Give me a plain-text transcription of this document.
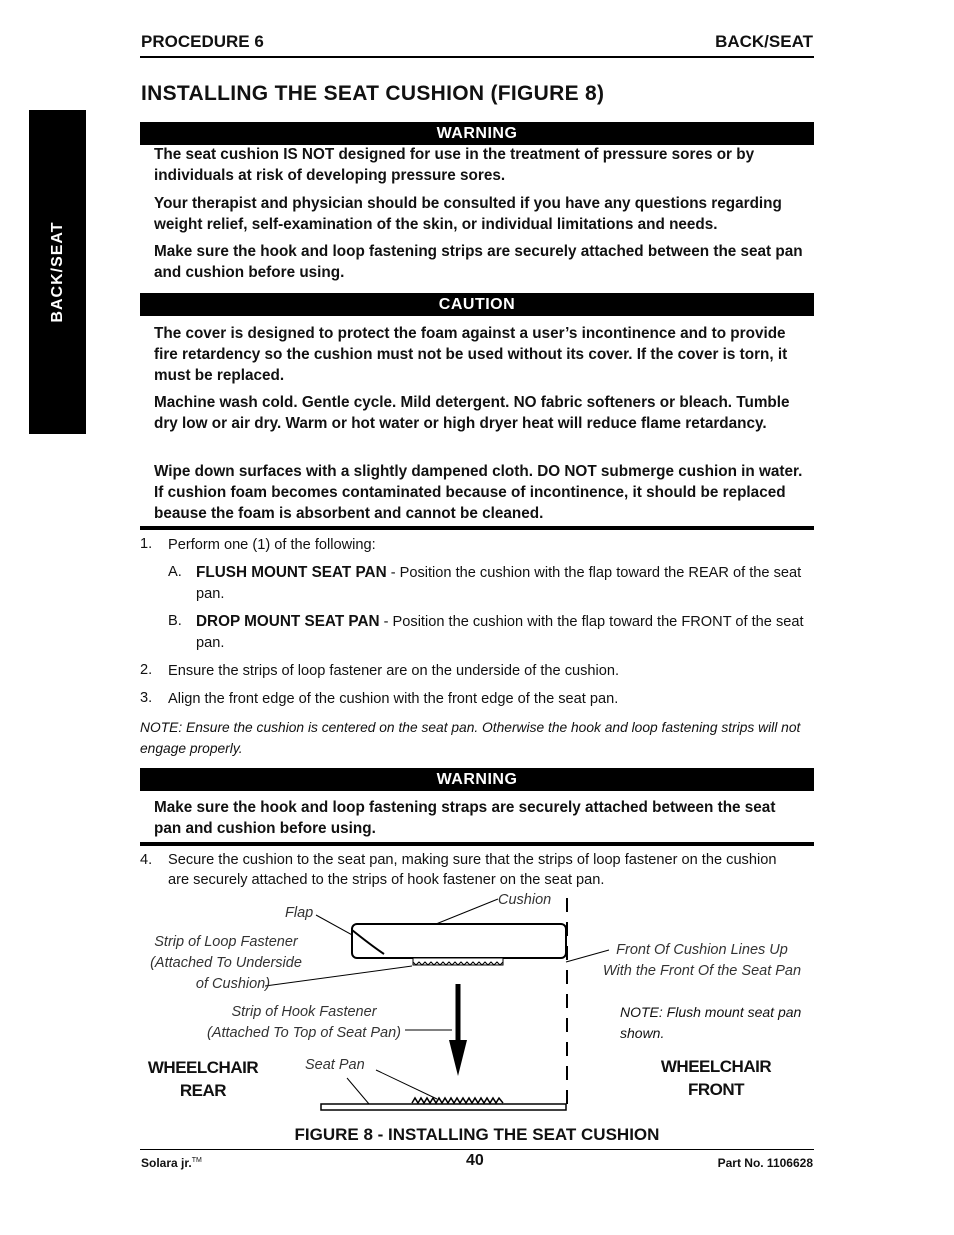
PROCEDURE 6	BACK/SEAT
BACK/SEAT
INSTALLING THE SEAT CUSHION (FIGURE 8)
WARNING
The seat cushion IS NOT designed for use in the treatment of pressure sores or by individuals at risk of developing pressure sores.
Your therapist and physician should be consulted if you have any questions regarding weight relief, self-examination of the skin, or individual limitations and needs.
Make sure the hook and loop fastening strips are securely attached between the seat pan and cushion before using.
CAUTION
The cover is designed to protect the foam against a user’s incontinence and to provide fire retardency so the cushion must not be used without its cover. If the cover is torn, it must be replaced.
Machine wash cold. Gentle cycle. Mild detergent. NO fabric softeners or bleach. Tumble dry low or air dry. Warm or hot water or high dryer heat will reduce flame retardancy.
Wipe down surfaces with a slightly dampened cloth. DO NOT submerge cushion in water. If cushion foam becomes contaminated because of incontinence, it should be replaced beause the foam is absorbent and cannot be cleaned.
1. Perform one (1) of the following:
A. FLUSH MOUNT SEAT PAN - Position the cushion with the flap toward the REAR of the seat pan.
B. DROP MOUNT SEAT PAN - Position the cushion with the flap toward the FRONT of the seat pan.
2. Ensure the strips of loop fastener are on the underside of the cushion.
3. Align the front edge of the cushion with the front edge of the seat pan.
NOTE: Ensure the cushion is centered on the seat pan. Otherwise the hook and loop fastening strips will not engage properly.
WARNING
Make sure the hook and loop fastening straps are securely attached between the seat pan and cushion before using.
4. Secure the cushion to the seat pan, making sure that the strips of loop fastener on the cushion are securely attached to the strips of hook fastener on the seat pan.
Cushion
Flap
Strip of Loop Fastener
(Attached To Underside
of Cushion)
Strip of Hook Fastener
(Attached To Top of Seat Pan)
Seat Pan
Front Of Cushion Lines Up
With the Front Of the Seat Pan
NOTE: Flush mount seat pan
shown.
WHEELCHAIR
REAR
WHEELCHAIR
FRONT
FIGURE 8 - INSTALLING THE SEAT CUSHION
Solara jr.™	40	Part No. 1106628
